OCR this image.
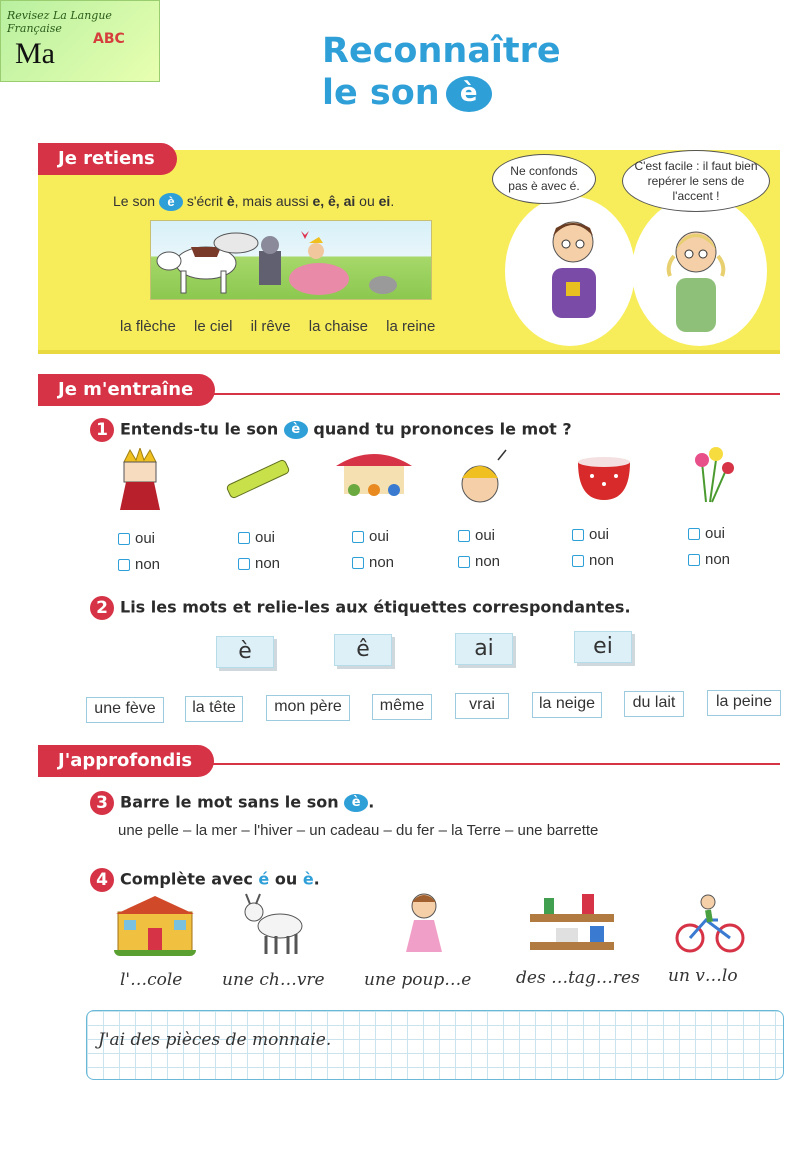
Revisez La Langue Française
Ma	ABC	Reconnaître
le son è
Je retiens
Le son è s'écrit è, mais aussi e, ê, ai ou ei.
la flèche le ciel il rêve la chaise la reine
Ne confonds pas è avec é.
C'est facile : il faut bien repérer le sens de l'accent !
Je m'entraîne
1 Entends-tu le son è quand tu prononces le mot ?
oui
non
oui
non
oui
non
oui
non
oui
non
oui
non
2 Lis les mots et relie-les aux étiquettes correspondantes.
è	ê	ai	ei
une fève	la tête	mon père	même	vrai	la neige	du lait	la peine
J'approfondis
3 Barre le mot sans le son è .
une pelle – la mer – l'hiver – un cadeau – du fer – la Terre – une barrette
4 Complète avec é ou è.
l'…cole une ch…vre une poup…e	des …tag…res un v…lo
J'ai des pièces de monnaie.
